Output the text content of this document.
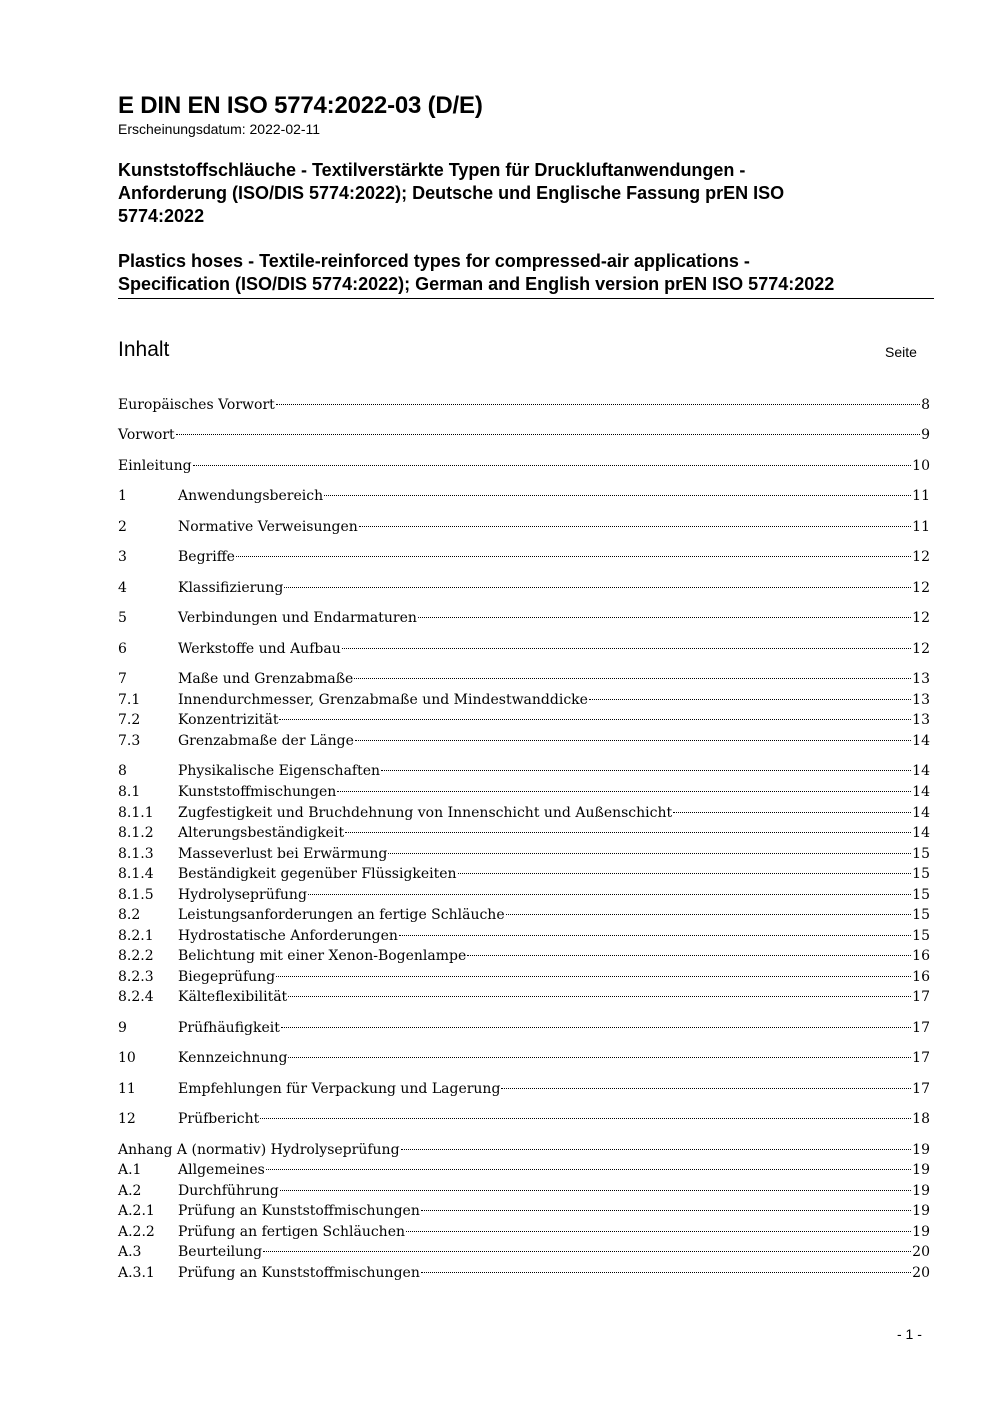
E DIN EN ISO 5774:2022-03 (D/E)
Erscheinungsdatum: 2022-02-11
Kunststoffschläuche - Textilverstärkte Typen für Druckluftanwendungen -
Anforderung (ISO/DIS 5774:2022); Deutsche und Englische Fassung prEN ISO
5774:2022
Plastics hoses - Textile-reinforced types for compressed-air applications -
Specification (ISO/DIS 5774:2022); German and English version prEN ISO 5774:2022
Inhalt	Seite
Europäisches Vorwort	8
Vorwort	9
Einleitung	10
1	Anwendungsbereich	11
2	Normative Verweisungen	11
3	Begriffe	12
4	Klassifizierung	12
5	Verbindungen und Endarmaturen	12
6	Werkstoffe und Aufbau	12
7	Maße und Grenzabmaße	13
7.1	Innendurchmesser, Grenzabmaße und Mindestwanddicke	13
7.2	Konzentrizität	13
7.3	Grenzabmaße der Länge	14
8	Physikalische Eigenschaften	14
8.1	Kunststoffmischungen	14
8.1.1	Zugfestigkeit und Bruchdehnung von Innenschicht und Außenschicht	14
8.1.2	Alterungsbeständigkeit	14
8.1.3	Masseverlust bei Erwärmung	15
8.1.4	Beständigkeit gegenüber Flüssigkeiten	15
8.1.5	Hydrolyseprüfung	15
8.2	Leistungsanforderungen an fertige Schläuche	15
8.2.1	Hydrostatische Anforderungen	15
8.2.2	Belichtung mit einer Xenon-Bogenlampe	16
8.2.3	Biegeprüfung	16
8.2.4	Kälteflexibilität	17
9	Prüfhäufigkeit	17
10	Kennzeichnung	17
11	Empfehlungen für Verpackung und Lagerung	17
12	Prüfbericht	18
Anhang A (normativ) Hydrolyseprüfung	19
A.1	Allgemeines	19
A.2	Durchführung	19
A.2.1	Prüfung an Kunststoffmischungen	19
A.2.2	Prüfung an fertigen Schläuchen	19
A.3	Beurteilung	20
A.3.1	Prüfung an Kunststoffmischungen	20
- 1 -
